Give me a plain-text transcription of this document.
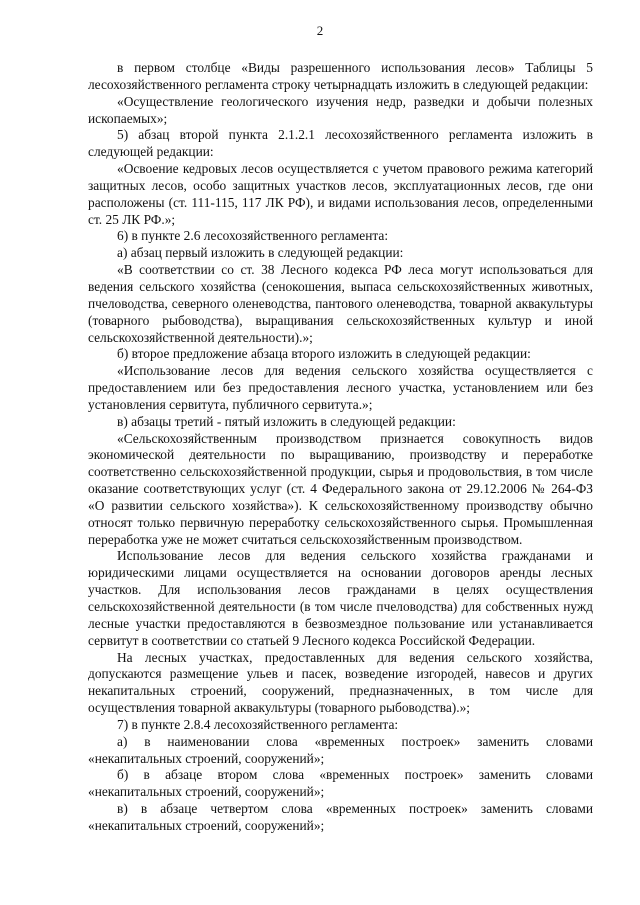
2

в первом столбце «Виды разрешенного использования лесов» Таблицы 5 лесохозяйственного регламента строку четырнадцать изложить в следующей редакции:

«Осуществление геологического изучения недр, разведки и добычи полезных ископаемых»;

5) абзац второй пункта 2.1.2.1 лесохозяйственного регламента изложить в следующей редакции:

«Освоение кедровых лесов осуществляется с учетом правового режима категорий защитных лесов, особо защитных участков лесов, эксплуатационных лесов, где они расположены (ст. 111-115, 117 ЛК РФ), и видами использования лесов, определенными ст. 25 ЛК РФ.»;

6) в пункте 2.6 лесохозяйственного регламента:

а) абзац первый изложить в следующей редакции:

«В соответствии со ст. 38 Лесного кодекса РФ леса могут использоваться для ведения сельского хозяйства (сенокошения, выпаса сельскохозяйственных животных, пчеловодства, северного оленеводства, пантового оленеводства, товарной аквакультуры (товарного рыбоводства), выращивания сельскохозяйственных культур и иной сельскохозяйственной деятельности).»;

б) второе предложение абзаца второго изложить в следующей редакции:

«Использование лесов для ведения сельского хозяйства осуществляется с предоставлением или без предоставления лесного участка, установлением или без установления сервитута, публичного сервитута.»;

в) абзацы третий - пятый изложить в следующей редакции:

«Сельскохозяйственным производством признается совокупность видов экономической деятельности по выращиванию, производству и переработке соответственно сельскохозяйственной продукции, сырья и продовольствия, в том числе оказание соответствующих услуг (ст. 4 Федерального закона от 29.12.2006 № 264-ФЗ «О развитии сельского хозяйства»). К сельскохозяйственному производству обычно относят только первичную переработку сельскохозяйственного сырья. Промышленная переработка уже не может считаться сельскохозяйственным производством.

Использование лесов для ведения сельского хозяйства гражданами и юридическими лицами осуществляется на основании договоров аренды лесных участков. Для использования лесов гражданами в целях осуществления сельскохозяйственной деятельности (в том числе пчеловодства) для собственных нужд лесные участки предоставляются в безвозмездное пользование или устанавливается сервитут в соответствии со статьей 9 Лесного кодекса Российской Федерации.

На лесных участках, предоставленных для ведения сельского хозяйства, допускаются размещение ульев и пасек, возведение изгородей, навесов и других некапитальных строений, сооружений, предназначенных, в том числе для осуществления товарной аквакультуры (товарного рыбоводства).»;

7) в пункте 2.8.4 лесохозяйственного регламента:

а) в наименовании слова «временных построек» заменить словами «некапитальных строений, сооружений»;

б) в абзаце втором слова «временных построек» заменить словами «некапитальных строений, сооружений»;

в) в абзаце четвертом слова «временных построек» заменить словами «некапитальных строений, сооружений»;
